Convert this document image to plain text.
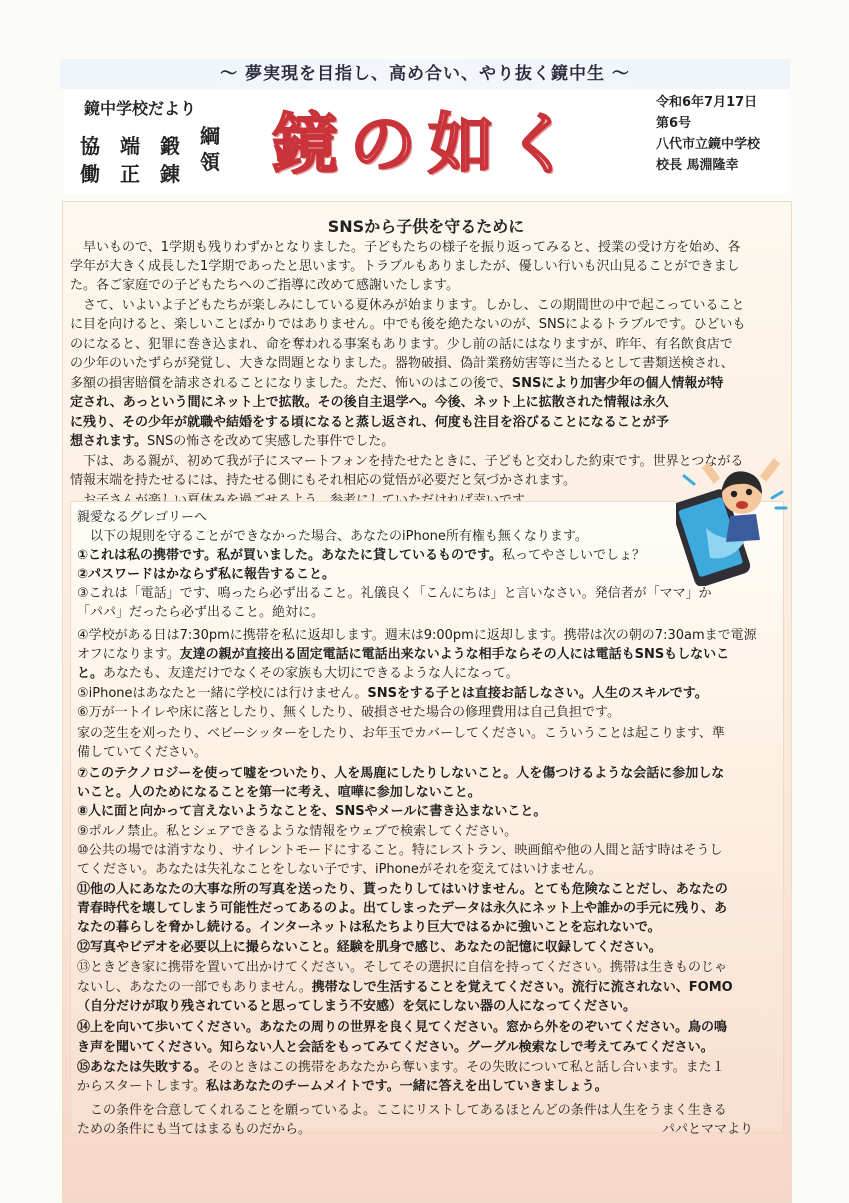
～ 夢実現を目指し、高め合い、やり抜く鏡中生 ～
鏡中学校だより
協 端 鍛 綱
働 正 錬 領 鏡の如く
令和6年7月17日
第6号
八代市立鏡中学校
校長 馬淵隆幸
SNSから子供を守るために
　早いもので、1学期も残りわずかとなりました。子どもたちの様子を振り返ってみると、授業の受け方を始め、各
学年が大きく成長した1学期であったと思います。トラブルもありましたが、優しい行いも沢山見ることができまし
た。各ご家庭での子どもたちへのご指導に改めて感謝いたします。
　さて、いよいよ子どもたちが楽しみにしている夏休みが始まります。しかし、この期間世の中で起こっていること
に目を向けると、楽しいことばかりではありません。中でも後を絶たないのが、SNSによるトラブルです。ひどいも
のになると、犯罪に巻き込まれ、命を奪われる事案もあります。少し前の話にはなりますが、昨年、有名飲食店で
の少年のいたずらが発覚し、大きな問題となりました。器物破損、偽計業務妨害等に当たるとして書類送検され、
多額の損害賠償を請求されることになりました。ただ、怖いのはこの後で、SNSにより加害少年の個人情報が特
定され、あっという間にネット上で拡散。その後自主退学へ。今後、ネット上に拡散された情報は永久
に残り、その少年が就職や結婚をする頃になると蒸し返され、何度も注目を浴びることになることが予
想されます。SNSの怖さを改めて実感した事件でした。
　下は、ある親が、初めて我が子にスマートフォンを持たせたときに、子どもと交わした約束です。世界とつながる
情報末端を持たせるには、持たせる側にもそれ相応の覚悟が必要だと気づかされます。
親愛なるグレゴリーへ
　以下の規則を守ることができなかった場合、あなたのiPhone所有権も無くなります。
①これは私の携帯です。私が買いました。あなたに貸しているものです。私ってやさしいでしょ？
②パスワードはかならず私に報告すること。
③これは「電話」です、鳴ったら必ず出ること。礼儀良く「こんにちは」と言いなさい。発信者が「ママ」か
「パパ」だったら必ず出ること。絶対に。
④学校がある日は7:30pmに携帯を私に返却します。週末は9:00pmに返却します。携帯は次の朝の7:30amまで電源
オフになります。友達の親が直接出る固定電話に電話出来ないような相手ならその人には電話もSNSもしないこ
と。あなたも、友達だけでなくその家族も大切にできるような人になって。
⑤iPhoneはあなたと一緒に学校には行けません。SNSをする子とは直接お話しなさい。人生のスキルです。
⑥万が一トイレや床に落としたり、無くしたり、破損させた場合の修理費用は自己負担です。
家の芝生を刈ったり、ベビーシッターをしたり、お年玉でカバーしてください。こういうことは起こります、準
備していてください。
⑦このテクノロジーを使って嘘をついたり、人を馬鹿にしたりしないこと。人を傷つけるような会話に参加しな
いこと。人のためになることを第一に考え、喧嘩に参加しないこと。
⑧人に面と向かって言えないようなことを、SNSやメールに書き込まないこと。
⑨ポルノ禁止。私とシェアできるような情報をウェブで検索してください。
⑩公共の場では消すなり、サイレントモードにすること。特にレストラン、映画館や他の人間と話す時はそうし
てください。あなたは失礼なことをしない子です、iPhoneがそれを変えてはいけません。
⑪他の人にあなたの大事な所の写真を送ったり、貰ったりしてはいけません。とても危険なことだし、あなたの
青春時代を壊してしまう可能性だってあるのよ。出てしまったデータは永久にネット上や誰かの手元に残り、あ
なたの暮らしを脅かし続ける。インターネットは私たちより巨大ではるかに強いことを忘れないで。
⑫写真やビデオを必要以上に撮らないこと。経験を肌身で感じ、あなたの記憶に収録してください。
⑬ときどき家に携帯を置いて出かけてください。そしてその選択に自信を持ってください。携帯は生きものじゃ
ないし、あなたの一部でもありません。携帯なしで生活することを覚えてください。流行に流されない、FOMO
（自分だけが取り残されていると思ってしまう不安感）を気にしない器の人になってください。
⑭上を向いて歩いてください。あなたの周りの世界を良く見てください。窓から外をのぞいてください。鳥の鳴
き声を聞いてください。知らない人と会話をもってみてください。グーグル検索なしで考えてみてください。
⑮あなたは失敗する。そのときはこの携帯をあなたから奪います。その失敗について私と話し合います。また１
からスタートします。私はあなたのチームメイトです。一緒に答えを出していきましょう。
　この条件を合意してくれることを願っているよ。ここにリストしてあるほとんどの条件は人生をうまく生きる
ための条件にも当てはまるものだから。	パパとママより
